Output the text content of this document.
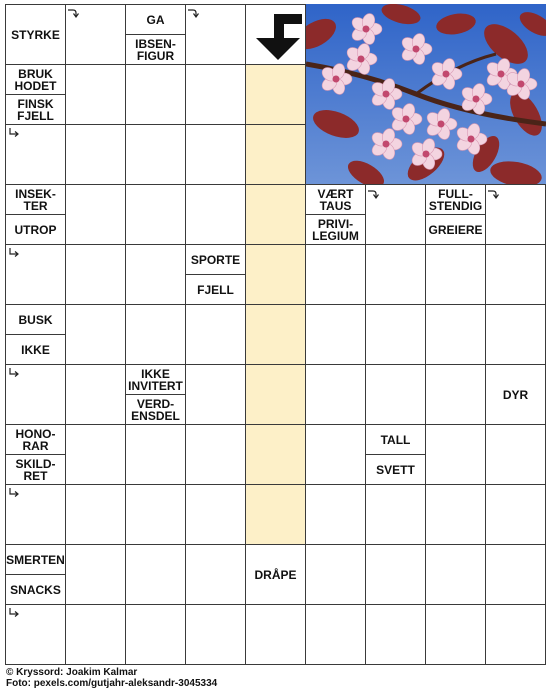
STYRKE
GA
IBSEN-
FIGUR
BRUK
HODET
FINSK
FJELL
INSEK-
TER
UTROP
VÆRT
TAUS
PRIVI-
LEGIUM
FULL-
STENDIG
GREIERE
SPORTE
FJELL
BUSK
IKKE
IKKE
INVITERT
VERD-
ENSDEL
DYR
HONO-
RAR
SKILD-
RET
TALL
SVETT
SMERTEN
SNACKS
DRÅPE
© Kryssord: Joakim Kalmar
Foto: pexels.com/gutjahr-aleksandr-3045334
